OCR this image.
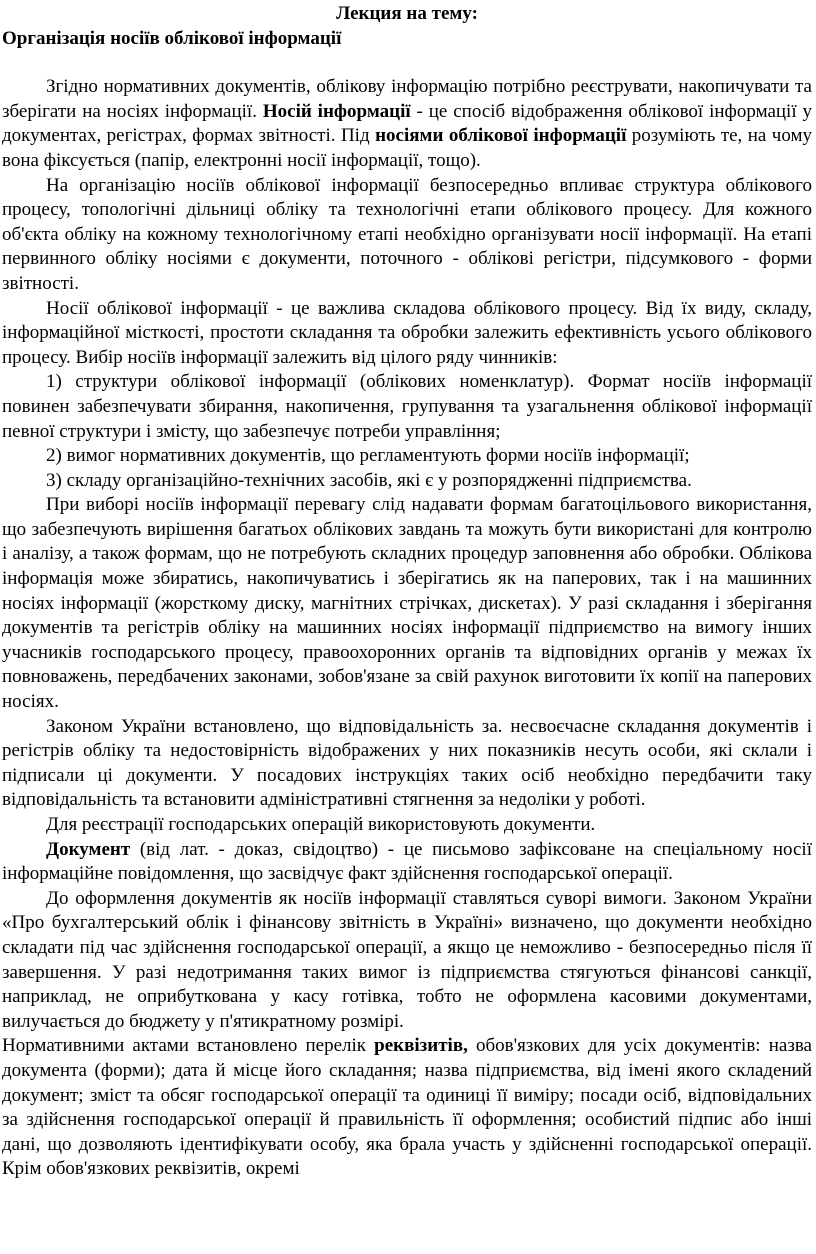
Лекция на тему:
Організація носіїв облікової інформації

Згідно нормативних документів, облікову інформацію потрібно реєструвати, накопичувати та зберігати на носіях інформації. Носій інформації - це спосіб відображення облікової інформації у документах, регістрах, формах звітності. Під носіями облікової інформації розуміють те, на чому вона фіксується (папір, електронні носії інформації, тощо).

На організацію носіїв облікової інформації безпосередньо впливає структура облікового процесу, топологічні дільниці обліку та технологічні етапи облікового процесу. Для кожного об'єкта обліку на кожному технологічному етапі необхідно організувати носії інформації. На етапі первинного обліку носіями є документи, поточного - облікові регістри, підсумкового - форми звітності.

Носії облікової інформації - це важлива складова облікового процесу. Від їх виду, складу, інформаційної місткості, простоти складання та обробки залежить ефективність усього облікового процесу. Вибір носіїв інформації залежить від цілого ряду чинників:

1) структури облікової інформації (облікових номенклатур). Формат носіїв інформації повинен забезпечувати збирання, накопичення, групування та узагальнення облікової інформації певної структури і змісту, що забезпечує потреби управління;

2) вимог нормативних документів, що регламентують форми носіїв інформації;

3) складу організаційно-технічних засобів, які є у розпорядженні підприємства.

При виборі носіїв інформації перевагу слід надавати формам багатоцільового використання, що забезпечують вирішення багатьох облікових завдань та можуть бути використані для контролю і аналізу, а також формам, що не потребують складних процедур заповнення або обробки. Облікова інформація може збиратись, накопичуватись і зберігатись як на паперових, так і на машинних носіях інформації (жорсткому диску, магнітних стрічках, дискетах). У разі складання і зберігання документів та регістрів обліку на машинних носіях інформації підприємство на вимогу інших учасників господарського процесу, правоохоронних органів та відповідних органів у межах їх повноважень, передбачених законами, зобов'язане за свій рахунок виготовити їх копії на паперових носіях.

Законом України встановлено, що відповідальність за. несвоєчасне складання документів і регістрів обліку та недостовірність відображених у них показників несуть особи, які склали і підписали ці документи. У посадових інструкціях таких осіб необхідно передбачити таку відповідальність та встановити адміністративні стягнення за недоліки у роботі.

Для реєстрації господарських операцій використовують документи.

Документ (від лат. - доказ, свідоцтво) - це письмово зафіксоване на спеціальному носії інформаційне повідомлення, що засвідчує факт здійснення господарської операції.

До оформлення документів як носіїв інформації ставляться суворі вимоги. Законом України «Про бухгалтерський облік і фінансову звітність в Україні» визначено, що документи необхідно складати під час здійснення господарської операції, а якщо це неможливо - безпосередньо після її завершення. У разі недотримання таких вимог із підприємства стягуються фінансові санкції, наприклад, не оприбуткована у касу готівка, тобто не оформлена касовими документами, вилучається до бюджету у п'ятикратному розмірі.

Нормативними актами встановлено перелік реквізитів, обов'язкових для усіх документів: назва документа (форми); дата й місце його складання; назва підприємства, від імені якого складений документ; зміст та обсяг господарської операції та одиниці її виміру; посади осіб, відповідальних за здійснення господарської операції й правильність її оформлення; особистий підпис або інші дані, що дозволяють ідентифікувати особу, яка брала участь у здійсненні господарської операції. Крім обов'язкових реквізитів, окремі
